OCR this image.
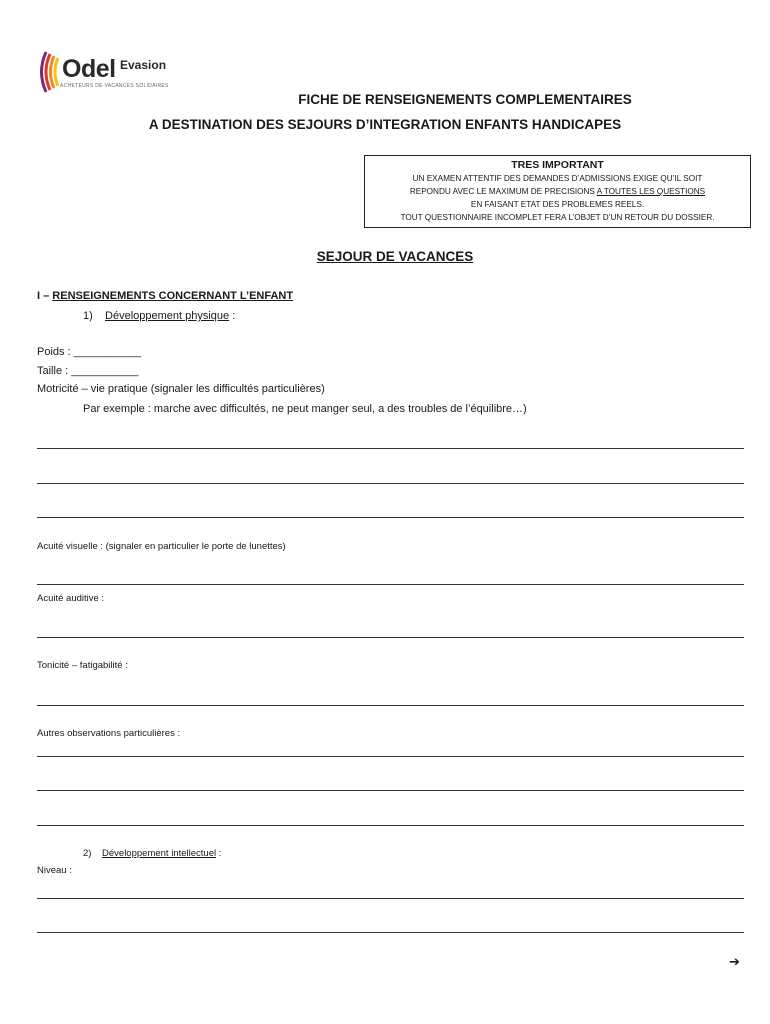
Odel Evasion
ACHETEURS DE VACANCES SOLIDAIRES
FICHE DE RENSEIGNEMENTS COMPLEMENTAIRES
A DESTINATION DES SEJOURS D’INTEGRATION ENFANTS HANDICAPES
TRES IMPORTANT
UN EXAMEN ATTENTIF DES DEMANDES D’ADMISSIONS EXIGE QU’IL SOIT
REPONDU AVEC LE MAXIMUM DE PRECISIONS A TOUTES LES QUESTIONS
EN FAISANT ETAT DES PROBLEMES REELS.
TOUT QUESTIONNAIRE INCOMPLET FERA L’OBJET D’UN RETOUR DU DOSSIER.
SEJOUR DE VACANCES
I – RENSEIGNEMENTS CONCERNANT L’ENFANT
1) Développement physique :
Poids : ___________
Taille : ___________
Motricité – vie pratique (signaler les difficultés particulières)
Par exemple : marche avec difficultés, ne peut manger seul, a des troubles de l’équilibre…)
Acuité visuelle : (signaler en particulier le porte de lunettes)
Acuité auditive :
Tonicité – fatigabilité :
Autres observations particulières :
2) Développement intellectuel :
Niveau :
➔
